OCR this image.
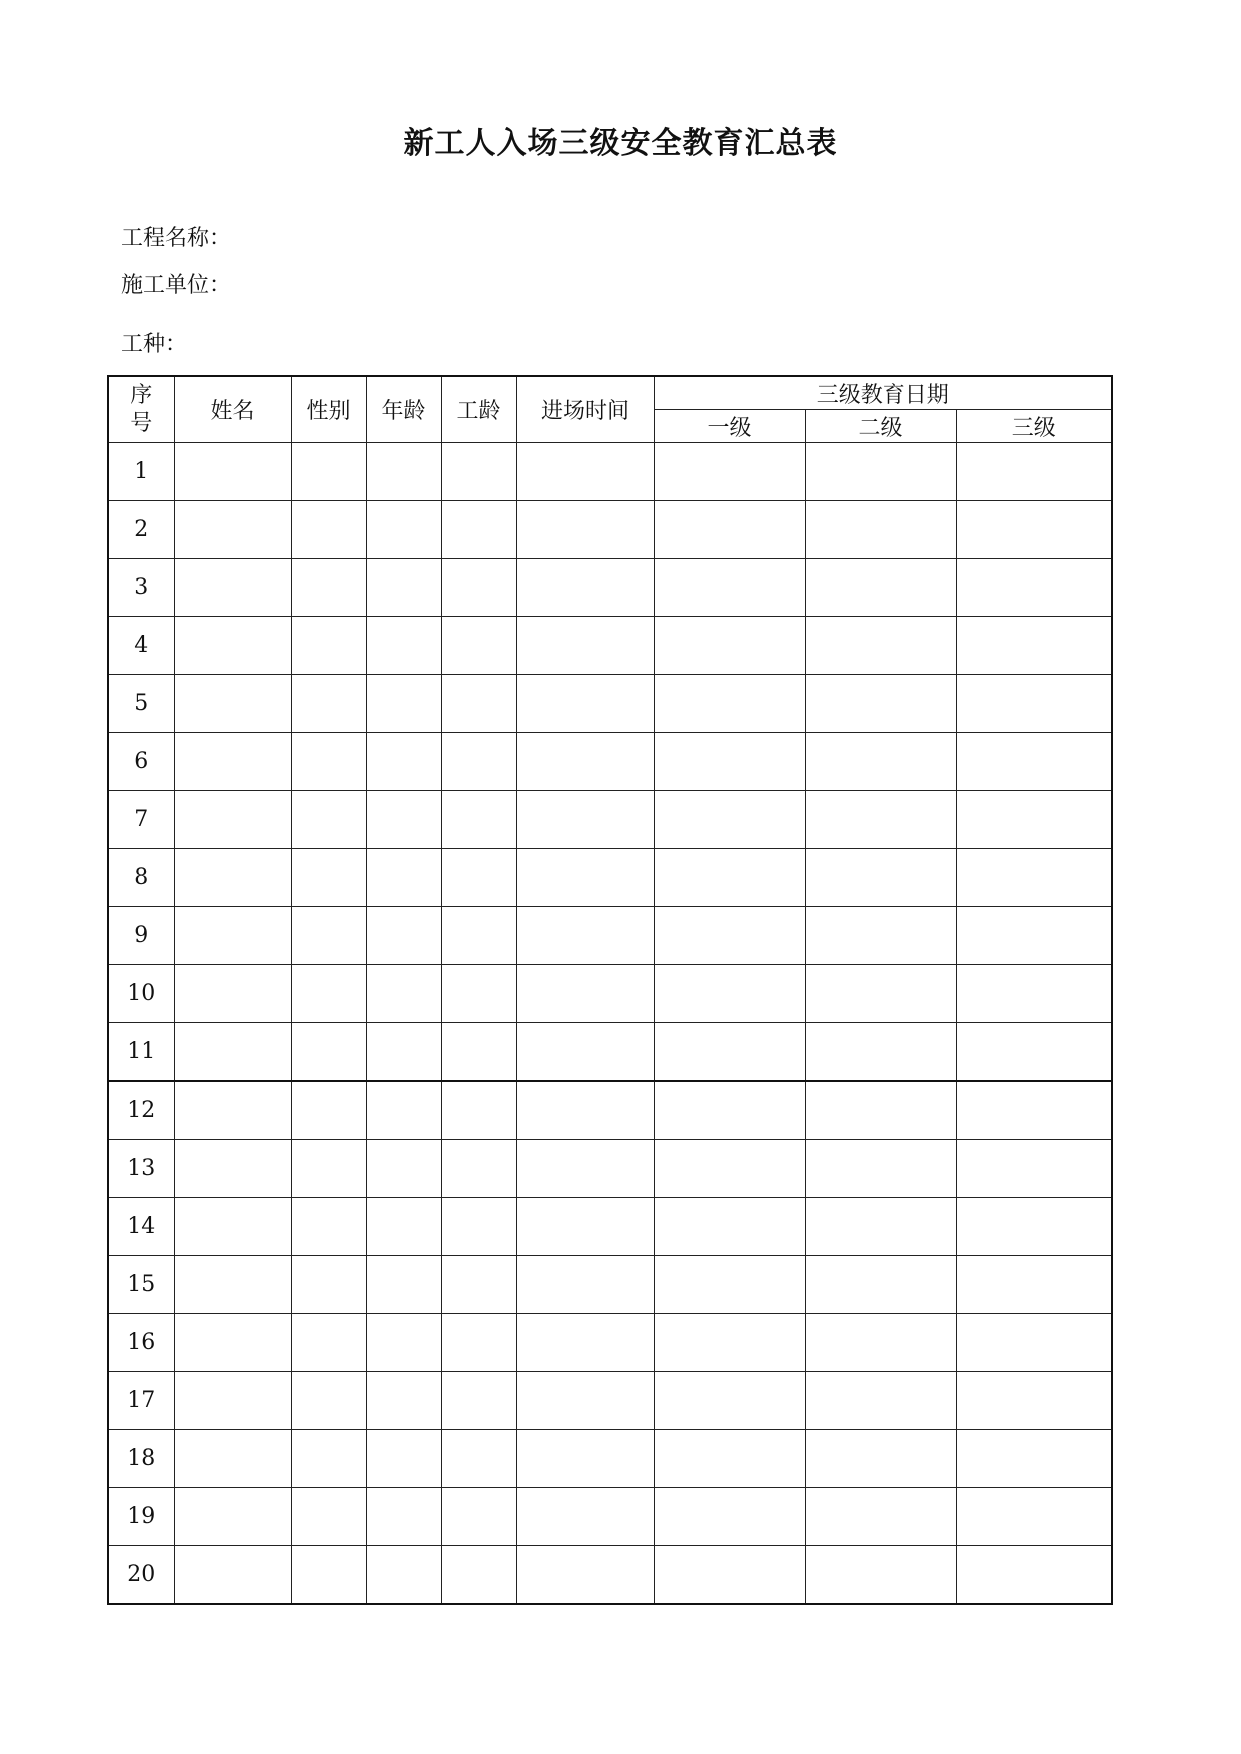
新工人入场三级安全教育汇总表
工程名称：
施工单位：
工种：
序
号	姓名	性别	年龄	工龄	进场时间	三级教育日期		
						一级	二级	三级
1								
2								
3								
4								
5								
6								
7								
8								
9								
10								
11								
12								
13								
14								
15								
16								
17								
18								
19								
20								
